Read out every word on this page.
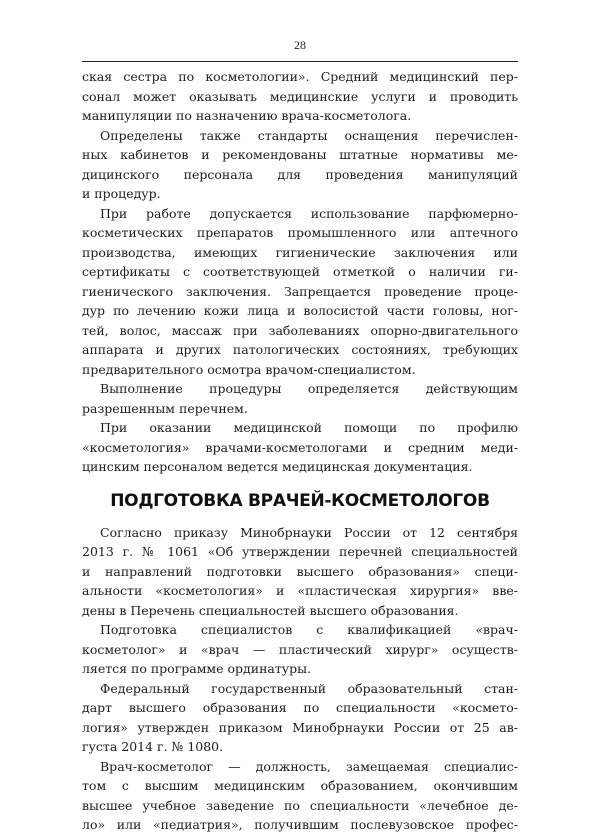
28
ская сестра по косметологии». Средний медицинский пер-
сонал может оказывать медицинские услуги и проводить
манипуляции по назначению врача-косметолога.
Определены также стандарты оснащения перечислен-
ных кабинетов и рекомендованы штатные нормативы ме-
дицинского персонала для проведения манипуляций
и процедур.
При работе допускается использование парфюмерно-
косметических препаратов промышленного или аптечного
производства, имеющих гигиенические заключения или
сертификаты с соответствующей отметкой о наличии ги-
гиенического заключения. Запрещается проведение проце-
дур по лечению кожи лица и волосистой части головы, ног-
тей, волос, массаж при заболеваниях опорно-двигательного
аппарата и других патологических состояниях, требующих
предварительного осмотра врачом-специалистом.
Выполнение процедуры определяется действующим
разрешенным перечнем.
При оказании медицинской помощи по профилю
«косметология» врачами-косметологами и средним меди-
цинским персоналом ведется медицинская документация.
ПОДГОТОВКА ВРАЧЕЙ-КОСМЕТОЛОГОВ
Согласно приказу Минобрнауки России от 12 сентября
2013 г. № 1061 «Об утверждении перечней специальностей
и направлений подготовки высшего образования» специ-
альности «косметология» и «пластическая хирургия» вве-
дены в Перечень специальностей высшего образования.
Подготовка специалистов с квалификацией «врач-
косметолог» и «врач — пластический хирург» осуществ-
ляется по программе ординатуры.
Федеральный государственный образовательный стан-
дарт высшего образования по специальности «космето-
логия» утвержден приказом Минобрнауки России от 25 ав-
густа 2014 г. № 1080.
Врач-косметолог — должность, замещаемая специалис-
том с высшим медицинским образованием, окончившим
высшее учебное заведение по специальности «лечебное де-
ло» или «педиатрия», получившим послевузовское профес-
